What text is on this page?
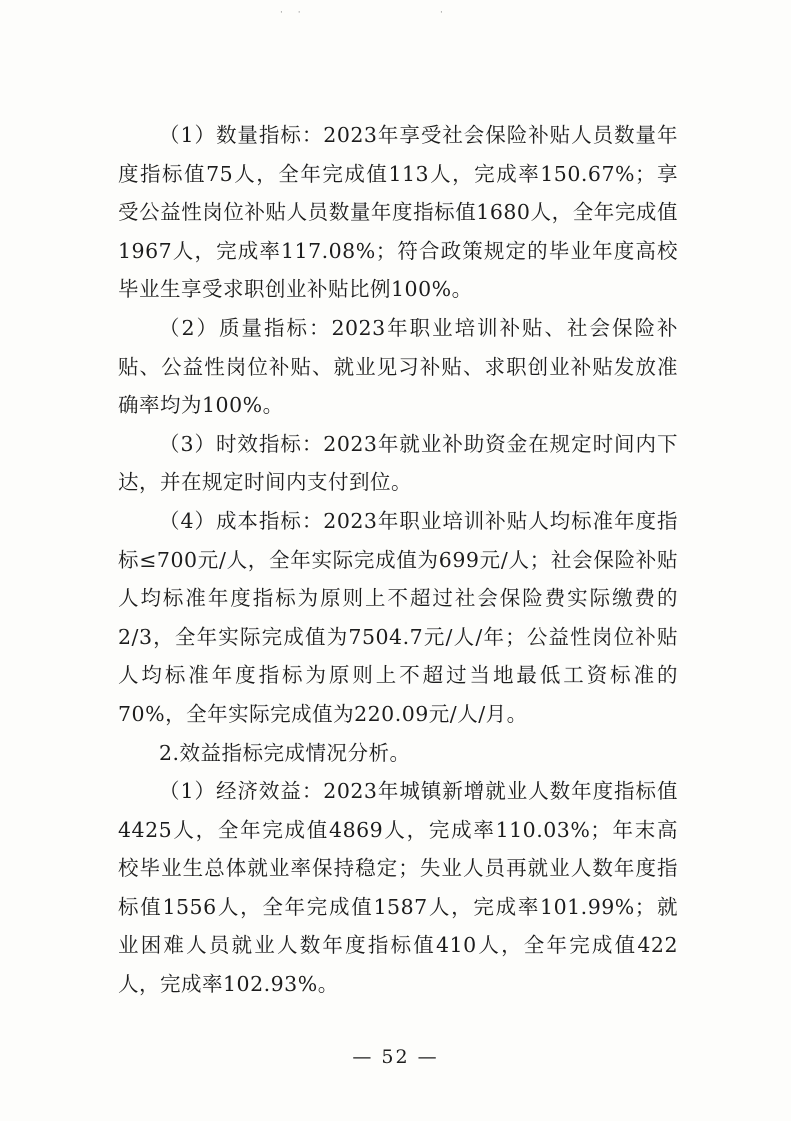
· ·	·

（1）数量指标：2023年享受社会保险补贴人员数量年度指标值75人，全年完成值113人，完成率150.67%；享受公益性岗位补贴人员数量年度指标值1680人，全年完成值1967人，完成率117.08%；符合政策规定的毕业年度高校毕业生享受求职创业补贴比例100%。

（2）质量指标：2023年职业培训补贴、社会保险补贴、公益性岗位补贴、就业见习补贴、求职创业补贴发放准确率均为100%。

（3）时效指标：2023年就业补助资金在规定时间内下达，并在规定时间内支付到位。

（4）成本指标：2023年职业培训补贴人均标准年度指标≤700元/人，全年实际完成值为699元/人；社会保险补贴人均标准年度指标为原则上不超过社会保险费实际缴费的2/3，全年实际完成值为7504.7元/人/年；公益性岗位补贴人均标准年度指标为原则上不超过当地最低工资标准的70%，全年实际完成值为220.09元/人/月。

2.效益指标完成情况分析。

（1）经济效益：2023年城镇新增就业人数年度指标值4425人，全年完成值4869人，完成率110.03%；年末高校毕业生总体就业率保持稳定；失业人员再就业人数年度指标值1556人，全年完成值1587人，完成率101.99%；就业困难人员就业人数年度指标值410人，全年完成值422人，完成率102.93%。

— 52 —
